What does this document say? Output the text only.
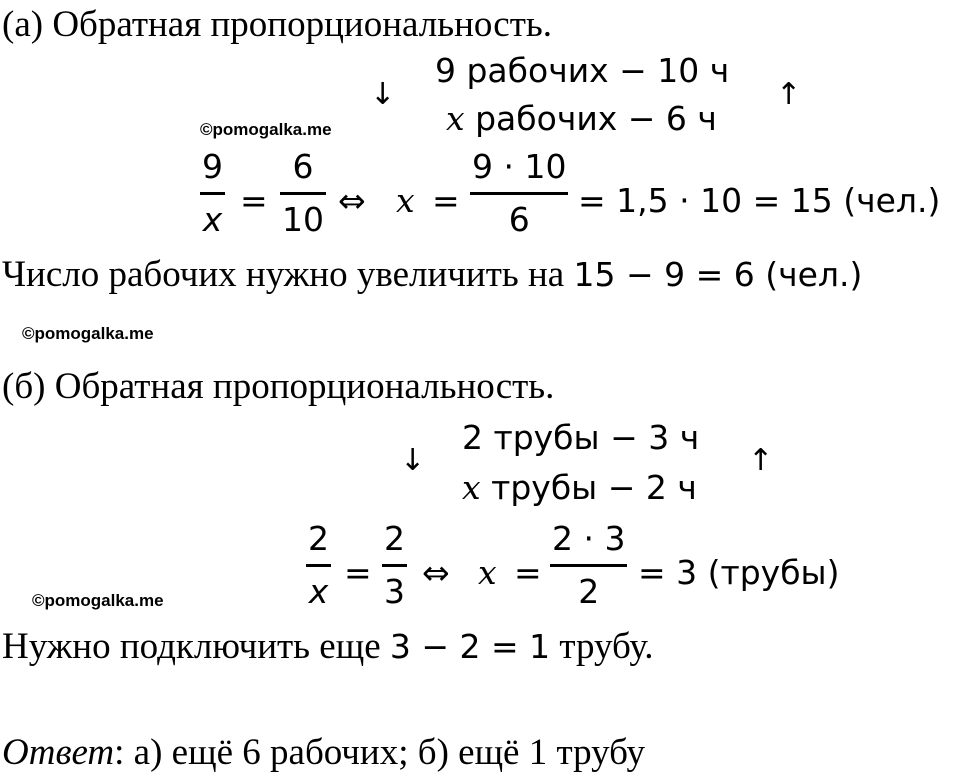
(а) Обратная пропорциональность.
↓	↑
9 рабочих − 10 ч
x рабочих − 6 ч
©pomogalka.me
9
x =
6
10 ⇔ x =
9 · 10
6 = 1,5 · 10 = 15 (чел.)
Число рабочих нужно увеличить на 15 − 9 = 6 (чел.)
©pomogalka.me
(б) Обратная пропорциональность.
↓	↑
2 трубы − 3 ч
x трубы − 2 ч
2
x =
2
3 ⇔ x =
2 · 3
2 = 3 (трубы)
©pomogalka.me
Нужно подключить еще 3 − 2 = 1 трубу.
Ответ: а) ещё 6 рабочих; б) ещё 1 трубу
